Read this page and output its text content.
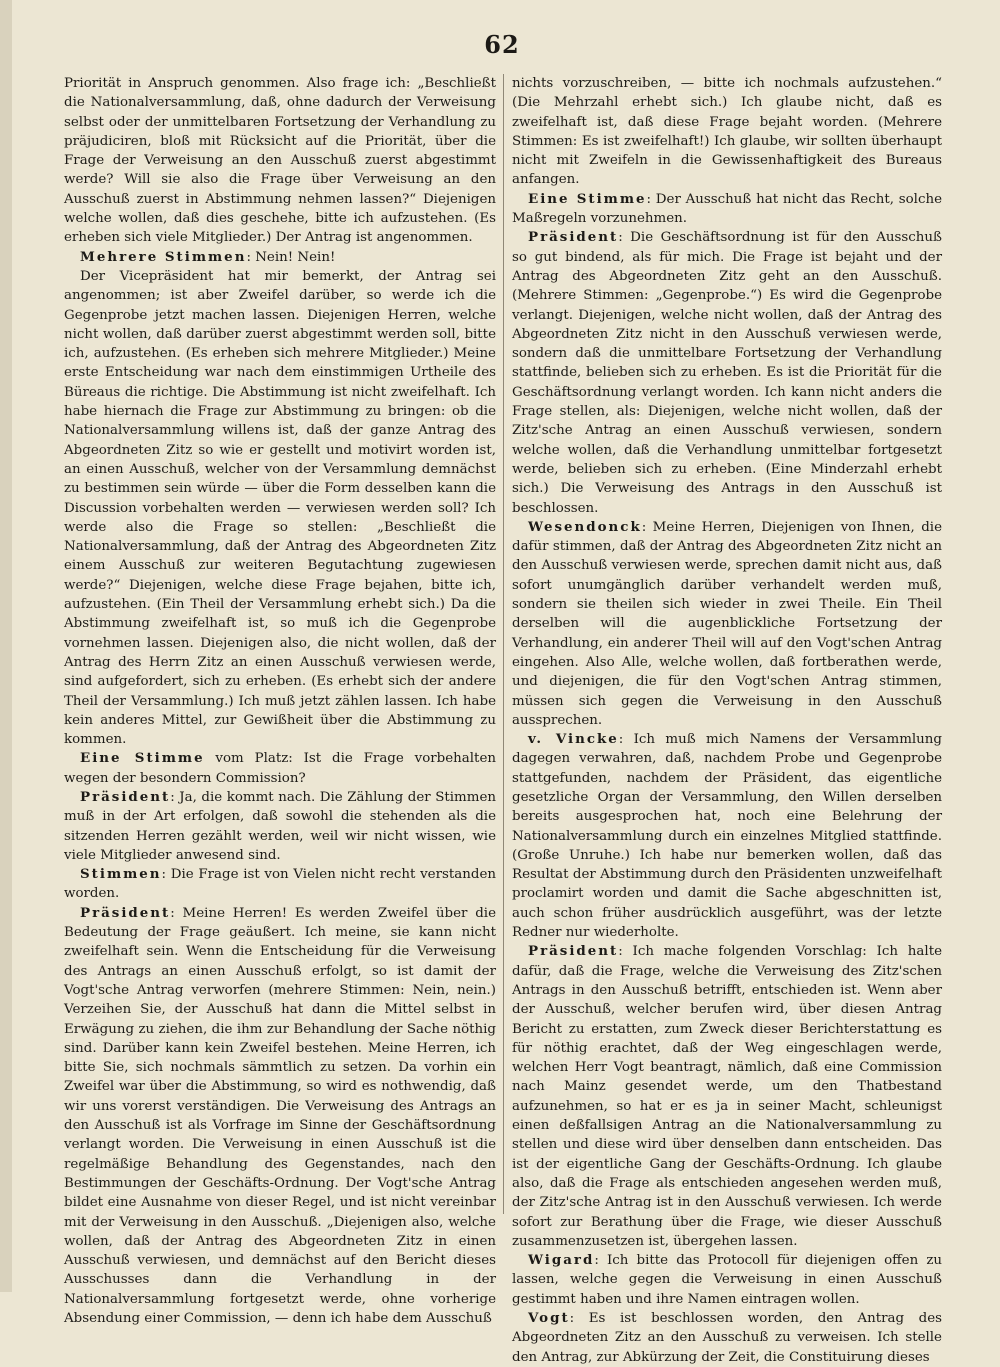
62

Priorität in Anspruch genommen. Also frage ich: „Beschließt die Nationalversammlung, daß, ohne dadurch der Verweisung selbst oder der unmittelbaren Fortsetzung der Verhandlung zu präjudiciren, bloß mit Rücksicht auf die Priorität, über die Frage der Verweisung an den Ausschuß zuerst abgestimmt werde? Will sie also die Frage über Verweisung an den Ausschuß zuerst in Abstimmung nehmen lassen?“ Diejenigen welche wollen, daß dies geschehe, bitte ich aufzustehen. (Es erheben sich viele Mitglieder.) Der Antrag ist angenommen.

Mehrere Stimmen: Nein! Nein!

Der Vicepräsident hat mir bemerkt, der Antrag sei angenommen; ist aber Zweifel darüber, so werde ich die Gegenprobe jetzt machen lassen. Diejenigen Herren, welche nicht wollen, daß darüber zuerst abgestimmt werden soll, bitte ich, aufzustehen. (Es erheben sich mehrere Mitglieder.) Meine erste Entscheidung war nach dem einstimmigen Urtheile des Büreaus die richtige. Die Abstimmung ist nicht zweifelhaft. Ich habe hiernach die Frage zur Abstimmung zu bringen: ob die Nationalversammlung willens ist, daß der ganze Antrag des Abgeordneten Zitz so wie er gestellt und motivirt worden ist, an einen Ausschuß, welcher von der Versammlung demnächst zu bestimmen sein würde — über die Form desselben kann die Discussion vorbehalten werden — verwiesen werden soll? Ich werde also die Frage so stellen: „Beschließt die Nationalversammlung, daß der Antrag des Abgeordneten Zitz einem Ausschuß zur weiteren Begutachtung zugewiesen werde?“ Diejenigen, welche diese Frage bejahen, bitte ich, aufzustehen. (Ein Theil der Versammlung erhebt sich.) Da die Abstimmung zweifelhaft ist, so muß ich die Gegenprobe vornehmen lassen. Diejenigen also, die nicht wollen, daß der Antrag des Herrn Zitz an einen Ausschuß verwiesen werde, sind aufgefordert, sich zu erheben. (Es erhebt sich der andere Theil der Versammlung.) Ich muß jetzt zählen lassen. Ich habe kein anderes Mittel, zur Gewißheit über die Abstimmung zu kommen.

Eine Stimme vom Platz: Ist die Frage vorbehalten wegen der besondern Commission?

Präsident: Ja, die kommt nach. Die Zählung der Stimmen muß in der Art erfolgen, daß sowohl die stehenden als die sitzenden Herren gezählt werden, weil wir nicht wissen, wie viele Mitglieder anwesend sind.

Stimmen: Die Frage ist von Vielen nicht recht verstanden worden.

Präsident: Meine Herren! Es werden Zweifel über die Bedeutung der Frage geäußert. Ich meine, sie kann nicht zweifelhaft sein. Wenn die Entscheidung für die Verweisung des Antrags an einen Ausschuß erfolgt, so ist damit der Vogt'sche Antrag verworfen (mehrere Stimmen: Nein, nein.) Verzeihen Sie, der Ausschuß hat dann die Mittel selbst in Erwägung zu ziehen, die ihm zur Behandlung der Sache nöthig sind. Darüber kann kein Zweifel bestehen. Meine Herren, ich bitte Sie, sich nochmals sämmtlich zu setzen. Da vorhin ein Zweifel war über die Abstimmung, so wird es nothwendig, daß wir uns vorerst verständigen. Die Verweisung des Antrags an den Ausschuß ist als Vorfrage im Sinne der Geschäftsordnung verlangt worden. Die Verweisung in einen Ausschuß ist die regelmäßige Behandlung des Gegenstandes, nach den Bestimmungen der Geschäfts-Ordnung. Der Vogt'sche Antrag bildet eine Ausnahme von dieser Regel, und ist nicht vereinbar mit der Verweisung in den Ausschuß. „Diejenigen also, welche wollen, daß der Antrag des Abgeordneten Zitz in einen Ausschuß verwiesen, und demnächst auf den Bericht dieses Ausschusses dann die Verhandlung in der Nationalversammlung fortgesetzt werde, ohne vorherige Absendung einer Commission, — denn ich habe dem Ausschuß

nichts vorzuschreiben, — bitte ich nochmals aufzustehen.“ (Die Mehrzahl erhebt sich.) Ich glaube nicht, daß es zweifelhaft ist, daß diese Frage bejaht worden. (Mehrere Stimmen: Es ist zweifelhaft!) Ich glaube, wir sollten überhaupt nicht mit Zweifeln in die Gewissenhaftigkeit des Bureaus anfangen.

Eine Stimme: Der Ausschuß hat nicht das Recht, solche Maßregeln vorzunehmen.

Präsident: Die Geschäftsordnung ist für den Ausschuß so gut bindend, als für mich. Die Frage ist bejaht und der Antrag des Abgeordneten Zitz geht an den Ausschuß. (Mehrere Stimmen: „Gegenprobe.“) Es wird die Gegenprobe verlangt. Diejenigen, welche nicht wollen, daß der Antrag des Abgeordneten Zitz nicht in den Ausschuß verwiesen werde, sondern daß die unmittelbare Fortsetzung der Verhandlung stattfinde, belieben sich zu erheben. Es ist die Priorität für die Geschäftsordnung verlangt worden. Ich kann nicht anders die Frage stellen, als: Diejenigen, welche nicht wollen, daß der Zitz'sche Antrag an einen Ausschuß verwiesen, sondern welche wollen, daß die Verhandlung unmittelbar fortgesetzt werde, belieben sich zu erheben. (Eine Minderzahl erhebt sich.) Die Verweisung des Antrags in den Ausschuß ist beschlossen.

Wesendonck: Meine Herren, Diejenigen von Ihnen, die dafür stimmen, daß der Antrag des Abgeordneten Zitz nicht an den Ausschuß verwiesen werde, sprechen damit nicht aus, daß sofort unumgänglich darüber verhandelt werden muß, sondern sie theilen sich wieder in zwei Theile. Ein Theil derselben will die augenblickliche Fortsetzung der Verhandlung, ein anderer Theil will auf den Vogt'schen Antrag eingehen. Also Alle, welche wollen, daß fortberathen werde, und diejenigen, die für den Vogt'schen Antrag stimmen, müssen sich gegen die Verweisung in den Ausschuß aussprechen.

v. Vincke: Ich muß mich Namens der Versammlung dagegen verwahren, daß, nachdem Probe und Gegenprobe stattgefunden, nachdem der Präsident, das eigentliche gesetzliche Organ der Versammlung, den Willen derselben bereits ausgesprochen hat, noch eine Belehrung der Nationalversammlung durch ein einzelnes Mitglied stattfinde. (Große Unruhe.) Ich habe nur bemerken wollen, daß das Resultat der Abstimmung durch den Präsidenten unzweifelhaft proclamirt worden und damit die Sache abgeschnitten ist, auch schon früher ausdrücklich ausgeführt, was der letzte Redner nur wiederholte.

Präsident: Ich mache folgenden Vorschlag: Ich halte dafür, daß die Frage, welche die Verweisung des Zitz'schen Antrags in den Ausschuß betrifft, entschieden ist. Wenn aber der Ausschuß, welcher berufen wird, über diesen Antrag Bericht zu erstatten, zum Zweck dieser Berichterstattung es für nöthig erachtet, daß der Weg eingeschlagen werde, welchen Herr Vogt beantragt, nämlich, daß eine Commission nach Mainz gesendet werde, um den Thatbestand aufzunehmen, so hat er es ja in seiner Macht, schleunigst einen deßfallsigen Antrag an die Nationalversammlung zu stellen und diese wird über denselben dann entscheiden. Das ist der eigentliche Gang der Geschäfts-Ordnung. Ich glaube also, daß die Frage als entschieden angesehen werden muß, der Zitz'sche Antrag ist in den Ausschuß verwiesen. Ich werde sofort zur Berathung über die Frage, wie dieser Ausschuß zusammenzusetzen ist, übergehen lassen.

Wigard: Ich bitte das Protocoll für diejenigen offen zu lassen, welche gegen die Verweisung in einen Ausschuß gestimmt haben und ihre Namen eintragen wollen.

Vogt: Es ist beschlossen worden, den Antrag des Abgeordneten Zitz an den Ausschuß zu verweisen. Ich stelle den Antrag, zur Abkürzung der Zeit, die Constituirung dieses
